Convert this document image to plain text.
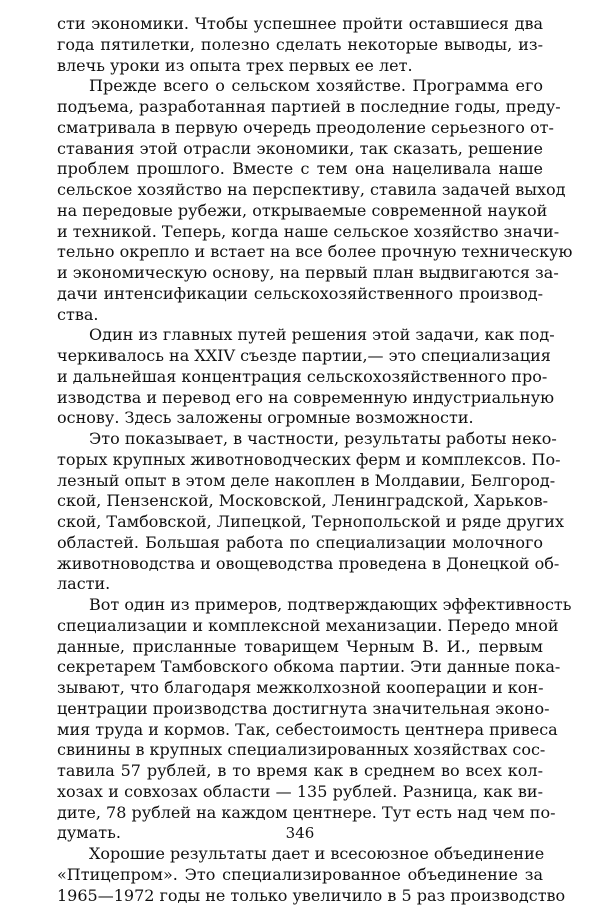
сти экономики. Чтобы успешнее пройти оставшиеся два
года пятилетки, полезно сделать некоторые выводы, из-
влечь уроки из опыта трех первых ее лет.
Прежде всего о сельском хозяйстве. Программа его
подъема, разработанная партией в последние годы, преду-
сматривала в первую очередь преодоление серьезного от-
ставания этой отрасли экономики, так сказать, решение
проблем прошлого. Вместе с тем она нацеливала наше
сельское хозяйство на перспективу, ставила задачей выход
на передовые рубежи, открываемые современной наукой
и техникой. Теперь, когда наше сельское хозяйство значи-
тельно окрепло и встает на все более прочную техническую
и экономическую основу, на первый план выдвигаются за-
дачи интенсификации сельскохозяйственного производ-
ства.
Один из главных путей решения этой задачи, как под-
черкивалось на XXIV съезде партии,— это специализация
и дальнейшая концентрация сельскохозяйственного про-
изводства и перевод его на современную индустриальную
основу. Здесь заложены огромные возможности.
Это показывает, в частности, результаты работы неко-
торых крупных животноводческих ферм и комплексов. По-
лезный опыт в этом деле накоплен в Молдавии, Белгород-
ской, Пензенской, Московской, Ленинградской, Харьков-
ской, Тамбовской, Липецкой, Тернопольской и ряде других
областей. Большая работа по специализации молочного
животноводства и овощеводства проведена в Донецкой об-
ласти.
Вот один из примеров, подтверждающих эффективность
специализации и комплексной механизации. Передо мной
данные, присланные товарищем Черным В. И., первым
секретарем Тамбовского обкома партии. Эти данные пока-
зывают, что благодаря межколхозной кооперации и кон-
центрации производства достигнута значительная эконо-
мия труда и кормов. Так, себестоимость центнера привеса
свинины в крупных специализированных хозяйствах сос-
тавила 57 рублей, в то время как в среднем во всех кол-
хозах и совхозах области — 135 рублей. Разница, как ви-
дите, 78 рублей на каждом центнере. Тут есть над чем по-
думать.
Хорошие результаты дает и всесоюзное объединение
«Птицепром». Это специализированное объединение за
1965—1972 годы не только увеличило в 5 раз производство
346
